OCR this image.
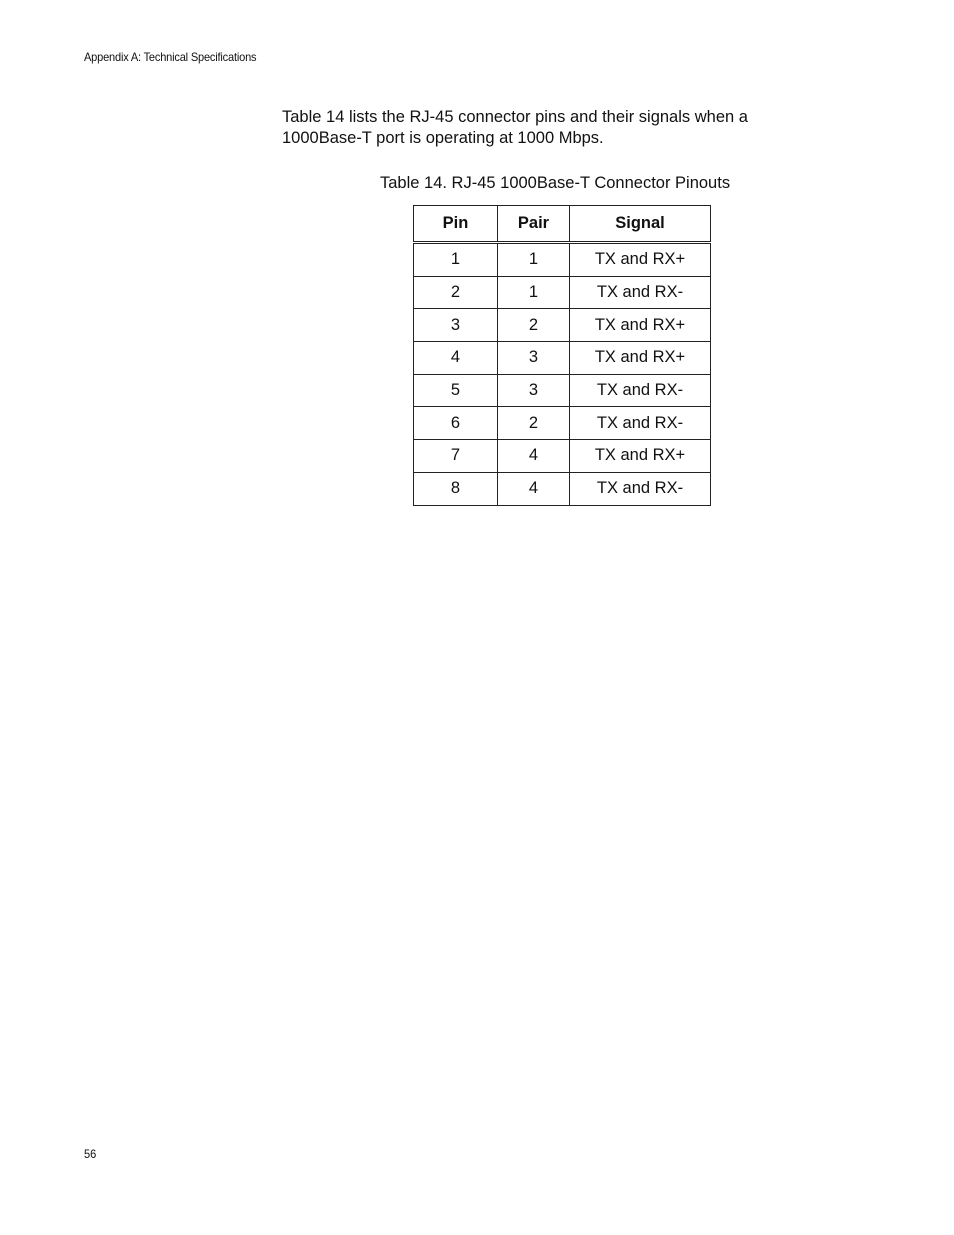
Appendix A: Technical Specifications

Table 14 lists the RJ-45 connector pins and their signals when a 1000Base-T port is operating at 1000 Mbps.

Table 14. RJ-45 1000Base-T Connector Pinouts

Pin	Pair	Signal
1	1	TX and RX+
2	1	TX and RX-
3	2	TX and RX+
4	3	TX and RX+
5	3	TX and RX-
6	2	TX and RX-
7	4	TX and RX+
8	4	TX and RX-
56
